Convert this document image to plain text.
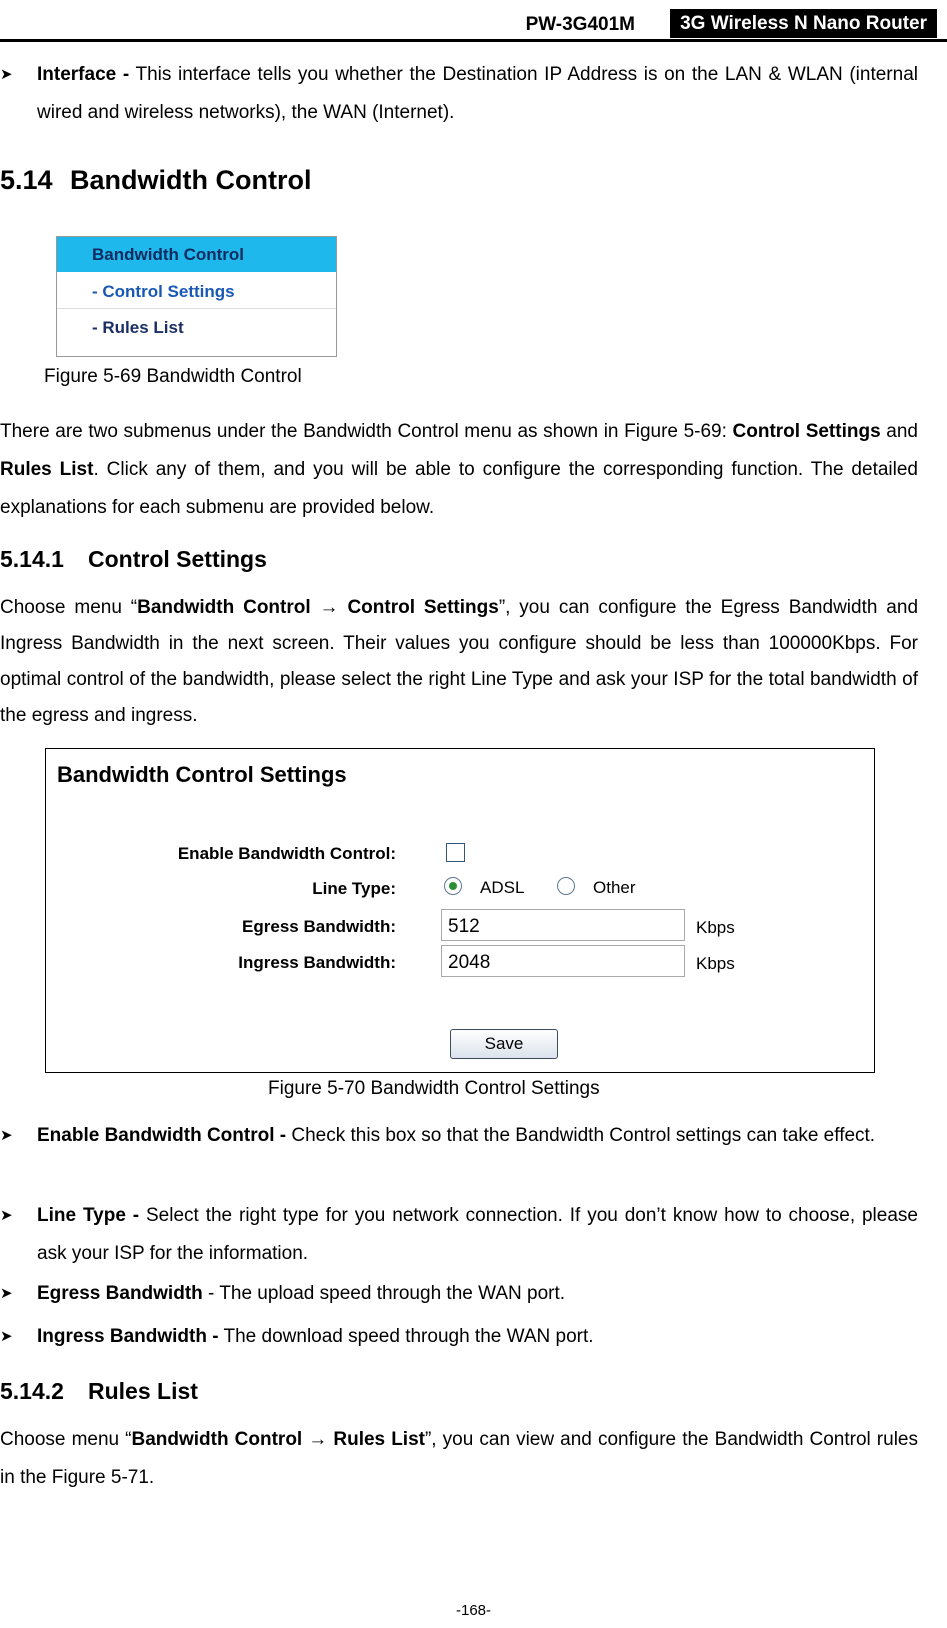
PW-3G401M	3G Wireless N Nano Router
➤ Interface - This interface tells you whether the Destination IP Address is on the LAN & WLAN (internal wired and wireless networks), the WAN (Internet).
5.14 Bandwidth Control
Bandwidth Control
- Control Settings
- Rules List
Figure 5-69 Bandwidth Control
There are two submenus under the Bandwidth Control menu as shown in Figure 5-69: Control Settings and Rules List. Click any of them, and you will be able to configure the corresponding function. The detailed explanations for each submenu are provided below.
5.14.1 Control Settings
Choose menu “Bandwidth Control → Control Settings”, you can configure the Egress Bandwidth and Ingress Bandwidth in the next screen. Their values you configure should be less than 100000Kbps. For optimal control of the bandwidth, please select the right Line Type and ask your ISP for the total bandwidth of the egress and ingress.
Bandwidth Control Settings
Enable Bandwidth Control:
Line Type:	ADSL	Other
Egress Bandwidth:	512	Kbps
Ingress Bandwidth:	2048	Kbps
Save
Figure 5-70 Bandwidth Control Settings
➤ Enable Bandwidth Control - Check this box so that the Bandwidth Control settings can take effect.
➤ Line Type - Select the right type for you network connection. If you don’t know how to choose, please ask your ISP for the information.
➤ Egress Bandwidth - The upload speed through the WAN port.
➤ Ingress Bandwidth - The download speed through the WAN port.
5.14.2 Rules List
Choose menu “Bandwidth Control → Rules List”, you can view and configure the Bandwidth Control rules in the Figure 5-71.
-168-
